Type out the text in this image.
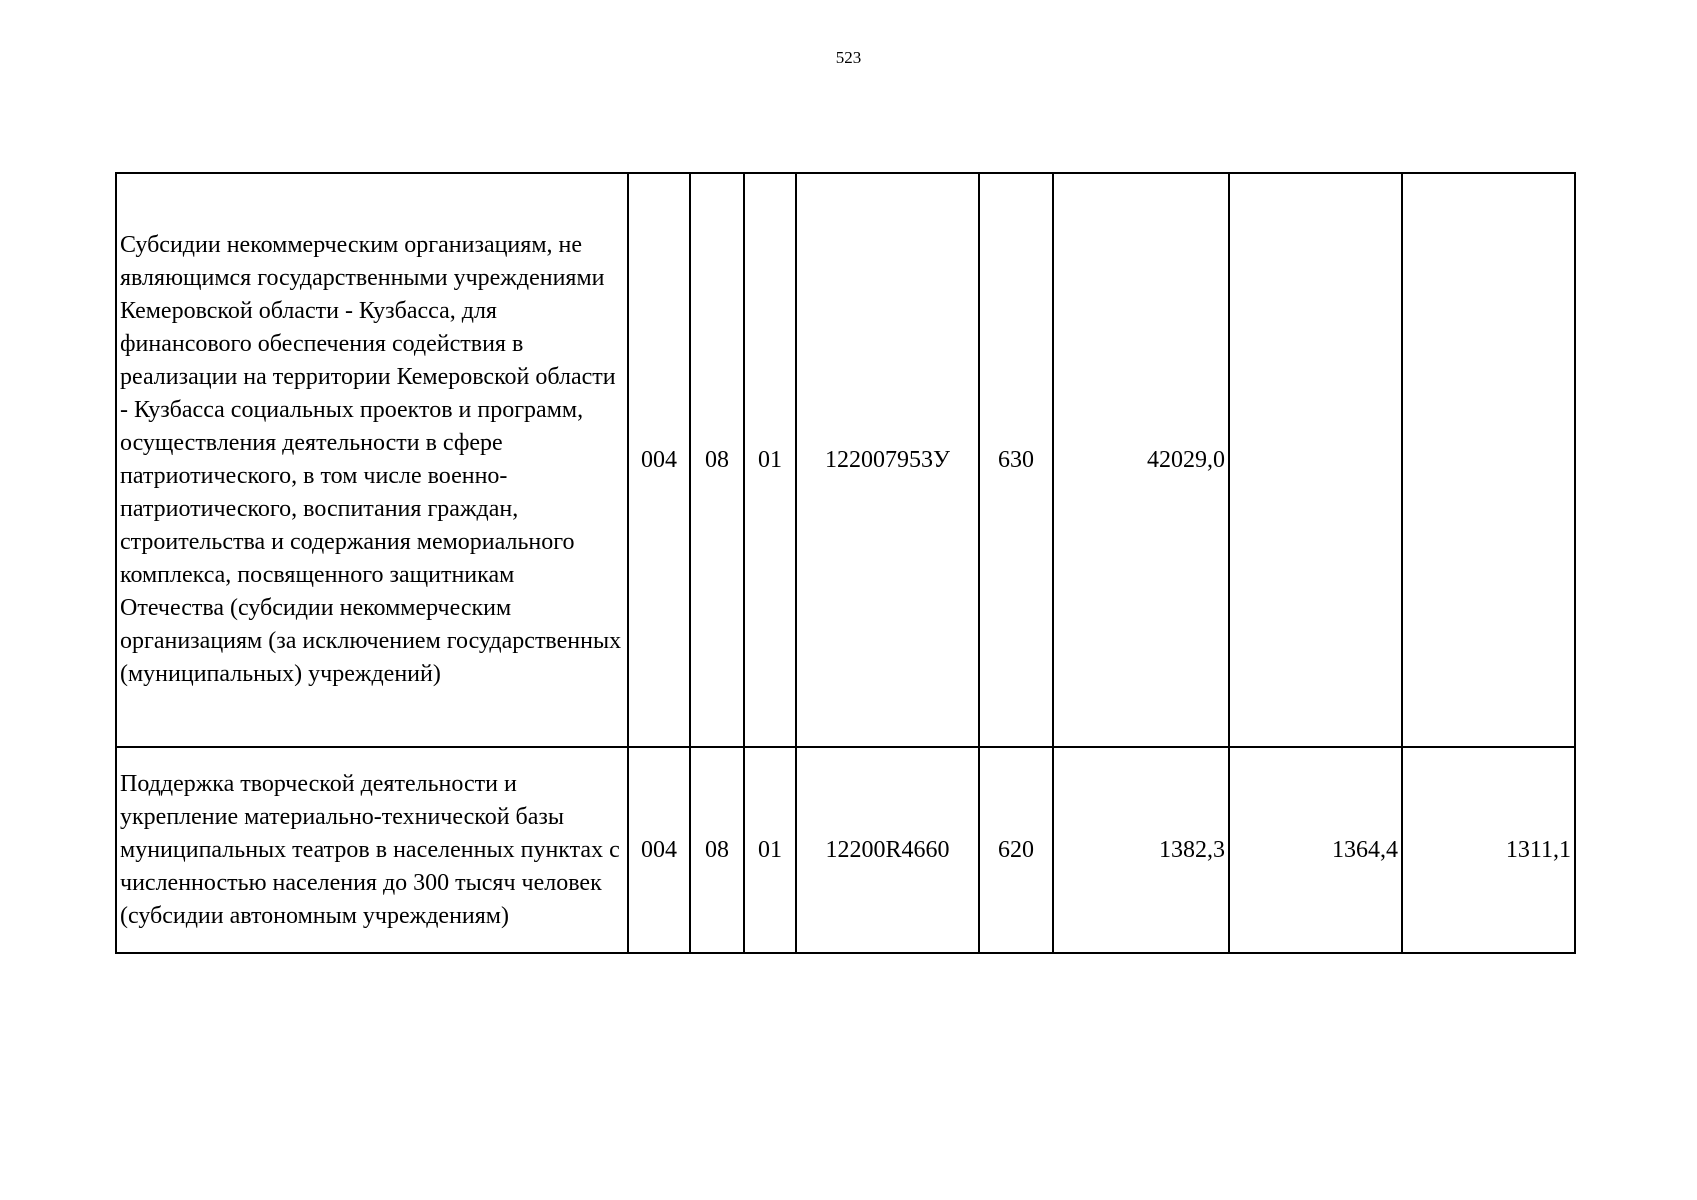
523
Субсидии некоммерческим организациям, не являющимся государственными учреждениями Кемеровской области - Кузбасса, для финансового обеспечения содействия в реализации на территории Кемеровской области - Кузбасса социальных проектов и программ, осуществления деятельности в сфере патриотического, в том числе военно-патриотического, воспитания граждан, строительства и содержания мемориального комплекса, посвященного защитникам Отечества (субсидии некоммерческим организациям (за исключением государственных (муниципальных) учреждений)	004	08	01	122007953У	630	42029,0		
Поддержка творческой деятельности и укрепление материально-технической базы муниципальных театров в населенных пунктах с численностью населения до 300 тысяч человек (субсидии автономным учреждениям)	004	08	01	12200R4660	620	1382,3	1364,4	1311,1
